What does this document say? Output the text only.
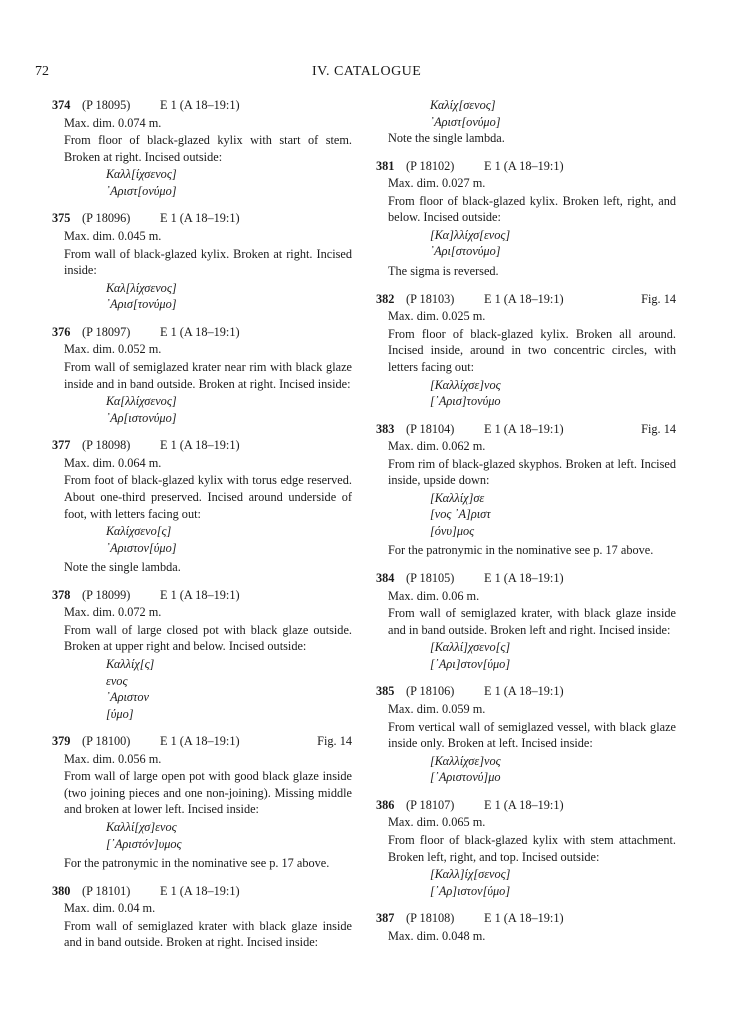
72	IV. CATALOGUE
374 (P 18095)	E 1 (A 18–19:1)
Max. dim. 0.074 m.
From floor of black-glazed kylix with start of stem. Broken at right. Incised outside:
Καλλ[ίχσενος]
᾿Αριστ[ονύμο]
375 (P 18096)	E 1 (A 18–19:1)
Max. dim. 0.045 m.
From wall of black-glazed kylix. Broken at right. Incised inside:
Καλ[λίχσενος]
᾿Αρισ[τονύμο]
376 (P 18097)	E 1 (A 18–19:1)
Max. dim. 0.052 m.
From wall of semiglazed krater near rim with black glaze inside and in band outside. Broken at right. Incised inside:
Κα[λλίχσενος]
᾿Αρ[ιστονύμο]
377 (P 18098)	E 1 (A 18–19:1)
Max. dim. 0.064 m.
From foot of black-glazed kylix with torus edge reserved. About one-third preserved. Incised around underside of foot, with letters facing out:
Καλίχσενο[ς]
᾿Αριστον[ύμο]
Note the single lambda.
378 (P 18099)	E 1 (A 18–19:1)
Max. dim. 0.072 m.
From wall of large closed pot with black glaze outside. Broken at upper right and below. Incised outside:
Καλλίχ[ς]
ενος
᾿Αριστον
[ύμο]
379 (P 18100)	E 1 (A 18–19:1)	Fig. 14
Max. dim. 0.056 m.
From wall of large open pot with good black glaze inside (two joining pieces and one non-joining). Missing middle and broken at lower left. Incised inside:
Καλλί[χσ]ενος
[᾿Αριστόν]υμος
For the patronymic in the nominative see p. 17 above.
380 (P 18101)	E 1 (A 18–19:1)
Max. dim. 0.04 m.
From wall of semiglazed krater with black glaze inside and in band outside. Broken at right. Incised inside:
Καλίχ[σενος]
᾿Αριστ[ονύμο]
Note the single lambda.
381 (P 18102)	E 1 (A 18–19:1)
Max. dim. 0.027 m.
From floor of black-glazed kylix. Broken left, right, and below. Incised outside:
[Κα]λλίχσ[ενος]
᾿Αρι[στονύμο]
The sigma is reversed.
382 (P 18103)	E 1 (A 18–19:1)	Fig. 14
Max. dim. 0.025 m.
From floor of black-glazed kylix. Broken all around. Incised inside, around in two concentric circles, with letters facing out:
[Καλλίχσε]νος
[᾿Αρισ]τονύμο
383 (P 18104)	E 1 (A 18–19:1)	Fig. 14
Max. dim. 0.062 m.
From rim of black-glazed skyphos. Broken at left. Incised inside, upside down:
[Καλλίχ]σε
[νος ᾿Α]ριστ
[όνυ]μος
For the patronymic in the nominative see p. 17 above.
384 (P 18105)	E 1 (A 18–19:1)
Max. dim. 0.06 m.
From wall of semiglazed krater, with black glaze inside and in band outside. Broken left and right. Incised inside:
[Καλλί]χσενο[ς]
[᾿Αρι]στον[ύμο]
385 (P 18106)	E 1 (A 18–19:1)
Max. dim. 0.059 m.
From vertical wall of semiglazed vessel, with black glaze inside only. Broken at left. Incised inside:
[Καλλίχσε]νος
[᾿Αριστονύ]μο
386 (P 18107)	E 1 (A 18–19:1)
Max. dim. 0.065 m.
From floor of black-glazed kylix with stem attachment. Broken left, right, and top. Incised outside:
[Καλλ]ίχ[σενος]
[᾿Αρ]ιστον[ύμο]
387 (P 18108)	E 1 (A 18–19:1)
Max. dim. 0.048 m.
